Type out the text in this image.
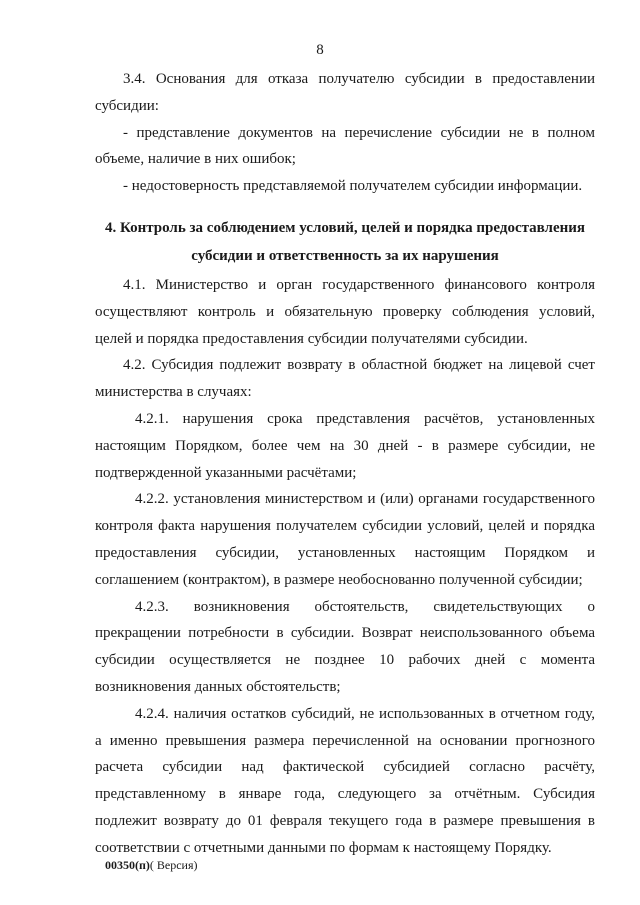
8

3.4. Основания для отказа получателю субсидии в предоставлении субсидии:

- представление документов на перечисление субсидии не в полном объеме, наличие в них ошибок;

- недостоверность представляемой получателем субсидии информации.

4. Контроль за соблюдением условий, целей и порядка предоставления субсидии и ответственность за их нарушения

4.1. Министерство и орган государственного финансового контроля осуществляют контроль и обязательную проверку соблюдения условий, целей и порядка предоставления субсидии получателями субсидии.

4.2. Субсидия подлежит возврату в областной бюджет на лицевой счет министерства в случаях:

4.2.1. нарушения срока представления расчётов, установленных настоящим Порядком, более чем на 30 дней - в размере субсидии, не подтвержденной указанными расчётами;

4.2.2. установления министерством и (или) органами государственного контроля факта нарушения получателем субсидии условий, целей и порядка предоставления субсидии, установленных настоящим Порядком и соглашением (контрактом), в размере необоснованно полученной субсидии;

4.2.3. возникновения обстоятельств, свидетельствующих о прекращении потребности в субсидии. Возврат неиспользованного объема субсидии осуществляется не позднее 10 рабочих дней с момента возникновения данных обстоятельств;

4.2.4. наличия остатков субсидий, не использованных в отчетном году, а именно превышения размера перечисленной на основании прогнозного расчета субсидии над фактической субсидией согласно расчёту, представленному в январе года, следующего за отчётным. Субсидия подлежит возврату до 01 февраля текущего года в размере превышения в соответствии с отчетными данными по формам к настоящему Порядку.

00350(п)( Версия)
